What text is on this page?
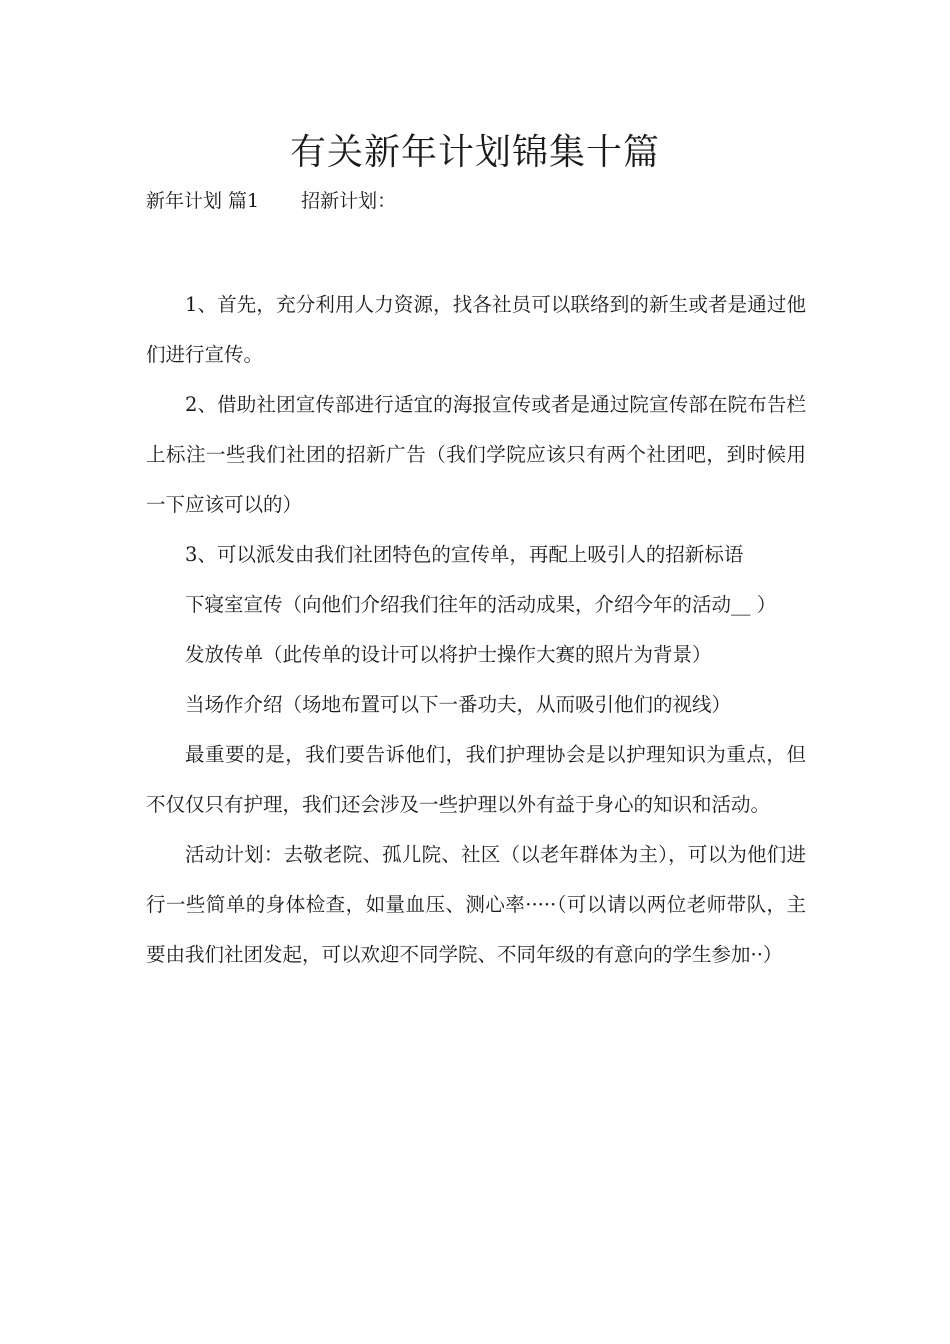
有关新年计划锦集十篇
新年计划 篇1 招新计划：

1、首先，充分利用人力资源，找各社员可以联络到的新生或者是通过他们进行宣传。

2、借助社团宣传部进行适宜的海报宣传或者是通过院宣传部在院布告栏上标注一些我们社团的招新广告（我们学院应该只有两个社团吧，到时候用一下应该可以的）

3、可以派发由我们社团特色的宣传单，再配上吸引人的招新标语

下寝室宣传（向他们介绍我们往年的活动成果，介绍今年的活动__ ）

发放传单（此传单的设计可以将护士操作大赛的照片为背景）

当场作介绍（场地布置可以下一番功夫，从而吸引他们的视线）

最重要的是，我们要告诉他们，我们护理协会是以护理知识为重点，但不仅仅只有护理，我们还会涉及一些护理以外有益于身心的知识和活动。

活动计划：去敬老院、孤儿院、社区（以老年群体为主），可以为他们进行一些简单的身体检查，如量血压、测心率·····（可以请以两位老师带队，主要由我们社团发起，可以欢迎不同学院、不同年级的有意向的学生参加··）
